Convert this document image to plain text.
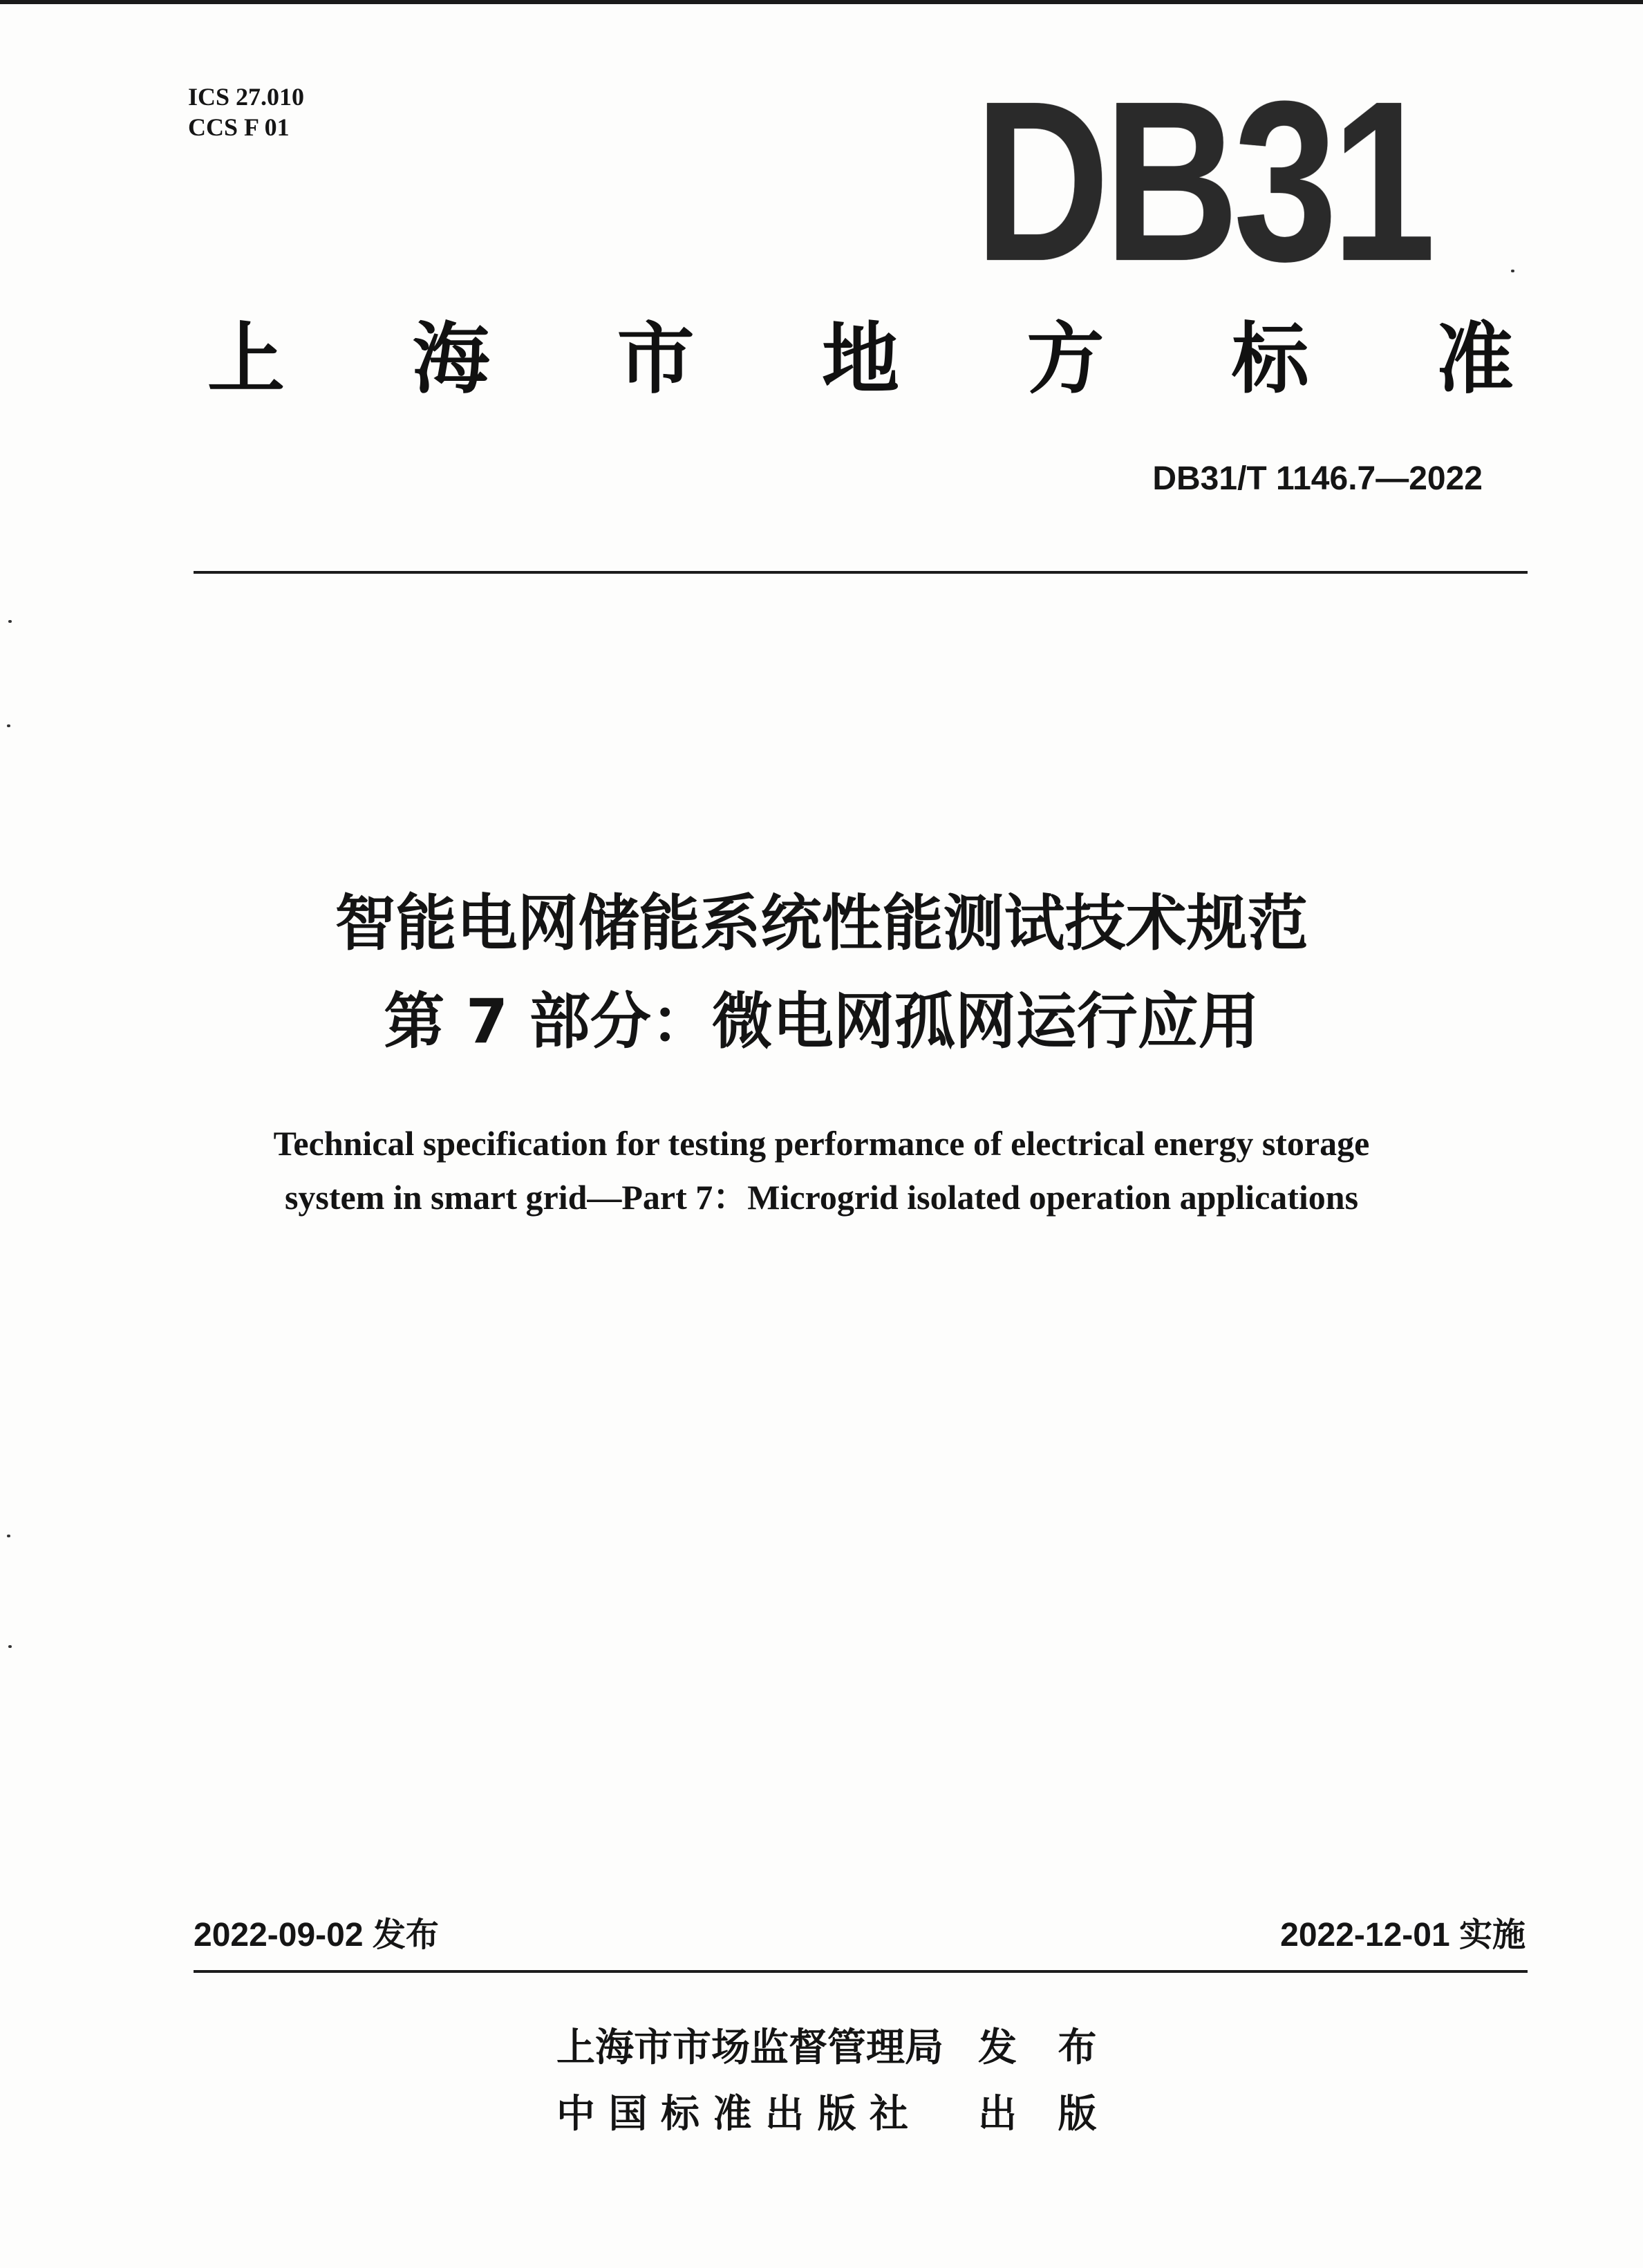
ICS 27.010
CCS F 01	DB31
上 海 市 地 方 标 准
DB31/T 1146.7—2022
智能电网储能系统性能测试技术规范
第 7 部分：微电网孤网运行应用
Technical specification for testing performance of electrical energy storage
system in smart grid—Part 7：Microgrid isolated operation applications
2022-09-02 发布	2022-12-01 实施
上海市市场监督管理局 发 布
中 国 标 准 出 版 社	出 版
